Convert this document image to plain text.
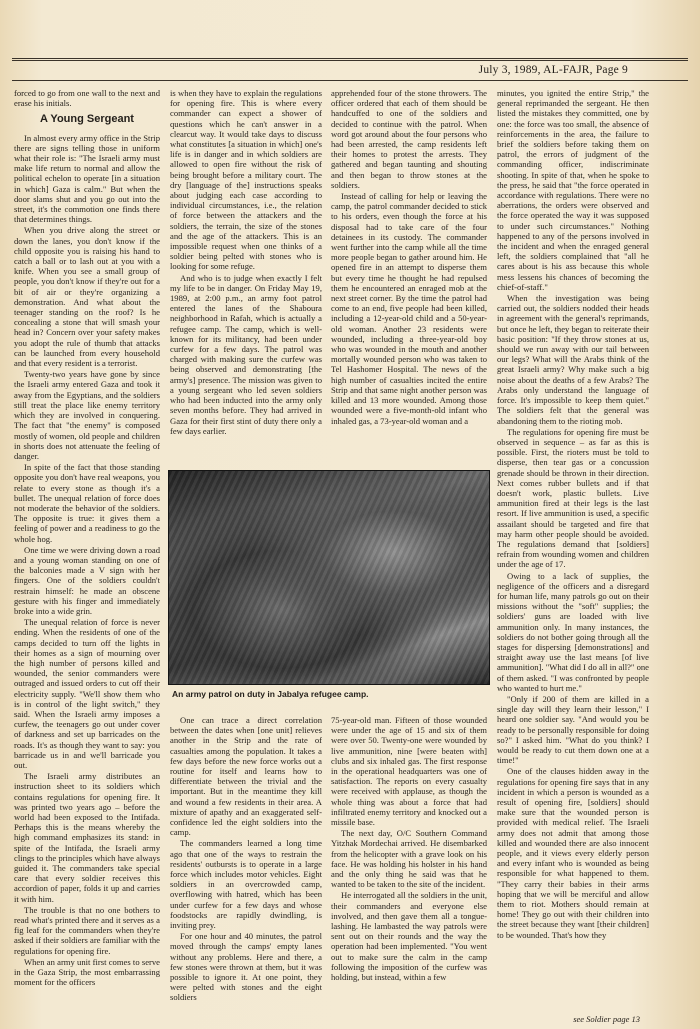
July 3, 1989, AL-FAJR, Page 9

forced to go from one wall to the next and erase his initials.

A Young Sergeant

In almost every army office in the Strip there are signs telling those in uniform what their role is: "The Israeli army must make life return to normal and allow the political echelon to operate [in a situation in which] Gaza is calm." But when the door slams shut and you go out into the street, it's the commotion one finds there that determines things.

When you drive along the street or down the lanes, you don't know if the child opposite you is raising his hand to catch a ball or to lash out at you with a knife. When you see a small group of people, you don't know if they're out for a bit of air or they're organizing a demonstration. And what about the teenager standing on the roof? Is he concealing a stone that will smash your head in? Concern over your safety makes you adopt the rule of thumb that attacks can be launched from every household and that every resident is a terrorist.

Twenty-two years have gone by since the Israeli army entered Gaza and took it away from the Egyptians, and the soldiers still treat the place like enemy territory which they are involved in conquering. The fact that "the enemy" is composed mostly of women, old people and children in shorts does not attenuate the feeling of danger.

In spite of the fact that those standing opposite you don't have real weapons, you relate to every stone as though it's a bullet. The unequal relation of force does not moderate the behavior of the soldiers. The opposite is true: it gives them a feeling of power and a readiness to go the whole hog.

One time we were driving down a road and a young woman standing on one of the balconies made a V sign with her fingers. One of the soldiers couldn't restrain himself: he made an obscene gesture with his finger and immediately broke into a wide grin.

The unequal relation of force is never ending. When the residents of one of the camps decided to turn off the lights in their homes as a sign of mourning over the high number of persons killed and wounded, the senior commanders were outraged and issued orders to cut off their electricity supply. "We'll show them who is in control of the light switch," they said. When the Israeli army imposes a curfew, the teenagers go out under cover of darkness and set up barricades on the roads. It's as though they want to say: you barricade us in and we'll barricade you out.

The Israeli army distributes an instruction sheet to its soldiers which contains regulations for opening fire. It was printed two years ago – before the world had been exposed to the Intifada. Perhaps this is the means whereby the high command emphasizes its stand: in spite of the Intifada, the Israeli army clings to the principles which have always guided it. The commanders take special care that every soldier receives this accordion of paper, folds it up and carries it with him.

The trouble is that no one bothers to read what's printed there and it serves as a fig leaf for the commanders when they're asked if their soldiers are familiar with the regulations for opening fire.

When an army unit first comes to serve in the Gaza Strip, the most embarrassing moment for the officers

is when they have to explain the regulations for opening fire. This is where every commander can expect a shower of questions which he can't answer in a clearcut way. It would take days to discuss what constitutes [a situation in which] one's life is in danger and in which soldiers are allowed to open fire without the risk of being brought before a military court. The dry [language of the] instructions speaks about judging each case according to individual circumstances, i.e., the relation of force between the attackers and the soldiers, the terrain, the size of the stones and the age of the attackers. This is an impossible request when one thinks of a soldier being pelted with stones who is looking for some refuge.

And who is to judge when exactly I felt my life to be in danger. On Friday May 19, 1989, at 2:00 p.m., an army foot patrol entered the lanes of the Shaboura neighborhood in Rafah, which is actually a refugee camp. The camp, which is well-known for its militancy, had been under curfew for a few days. The patrol was charged with making sure the curfew was being observed and demonstrating [the army's] presence. The mission was given to a young sergeant who led seven soldiers who had been inducted into the army only seven months before. They had arrived in Gaza for their first stint of duty there only a few days earlier.

apprehended four of the stone throwers. The officer ordered that each of them should be handcuffed to one of the soldiers and decided to continue with the patrol. When word got around about the four persons who had been arrested, the camp residents left their homes to protest the arrests. They gathered and began taunting and shouting and then began to throw stones at the soldiers.

Instead of calling for help or leaving the camp, the patrol commander decided to stick to his orders, even though the force at his disposal had to take care of the four detainees in its custody. The commander went further into the camp while all the time more people began to gather around him. He opened fire in an attempt to disperse them but every time he thought he had repulsed them he encountered an enraged mob at the next street corner. By the time the patrol had come to an end, five people had been killed, including a 12-year-old child and a 50-year-old woman. Another 23 residents were wounded, including a three-year-old boy who was wounded in the mouth and another mortally wounded person who was taken to Tel Hashomer Hospital. The news of the high number of casualties incited the entire Strip and that same night another person was killed and 13 more wounded. Among those wounded were a five-month-old infant who inhaled gas, a 73-year-old woman and a

An army patrol on duty in Jabalya refugee camp.

One can trace a direct correlation between the dates when [one unit] relieves another in the Strip and the rate of casualties among the population. It takes a few days before the new force works out a routine for itself and learns how to differentiate between the trivial and the important. But in the meantime they kill and wound a few residents in their area. A mixture of apathy and an exaggerated self-confidence led the eight soldiers into the camp.

The commanders learned a long time ago that one of the ways to restrain the residents' outbursts is to operate in a large force which includes motor vehicles. Eight soldiers in an overcrowded camp, overflowing with hatred, which has been under curfew for a few days and whose foodstocks are rapidly dwindling, is inviting prey.

For one hour and 40 minutes, the patrol moved through the camps' empty lanes without any problems. Here and there, a few stones were thrown at them, but it was possible to ignore it. At one point, they were pelted with stones and the eight soldiers

75-year-old man. Fifteen of those wounded were under the age of 15 and six of them were over 50. Twenty-one were wounded by live ammunition, nine [were beaten with] clubs and six inhaled gas. The first response in the operational headquarters was one of satisfaction. The reports on every casualty were received with applause, as though the whole thing was about a force that had infiltrated enemy territory and knocked out a missile base.

The next day, O/C Southern Command Yitzhak Mordechai arrived. He disembarked from the helicopter with a grave look on his face. He was holding his holster in his hand and the only thing he said was that he wanted to be taken to the site of the incident.

He interrogated all the soldiers in the unit, their commanders and everyone else involved, and then gave them all a tongue-lashing. He lambasted the way patrols were sent out on their rounds and the way the operation had been implemented. "You went out to make sure the calm in the camp following the imposition of the curfew was holding, but instead, within a few

minutes, you ignited the entire Strip," the general reprimanded the sergeant. He then listed the mistakes they committed, one by one: the force was too small, the absence of reinforcements in the area, the failure to brief the soldiers before taking them on patrol, the errors of judgment of the commanding officer, indiscriminate shooting. In spite of that, when he spoke to the press, he said that "the force operated in accordance with regulations. There were no aberrations, the orders were observed and the force operated the way it was supposed to under such circumstances." Nothing happened to any of the persons involved in the incident and when the enraged general left, the soldiers complained that "all he cares about is his ass because this whole mess lessens his chances of becoming the chief-of-staff."

When the investigation was being carried out, the soldiers nodded their heads in agreement with the general's reprimands, but once he left, they began to reiterate their basic position: "If they throw stones at us, should we run away with our tail between our legs? What will the Arabs think of the great Israeli army? Why make such a big noise about the deaths of a few Arabs? The Arabs only understand the language of force. It's impossible to keep them quiet." The soldiers felt that the general was abandoning them to the rioting mob.

The regulations for opening fire must be observed in sequence – as far as this is possible. First, the rioters must be told to disperse, then tear gas or a concussion grenade should be thrown in their direction. Next comes rubber bullets and if that doesn't work, plastic bullets. Live ammunition fired at their legs is the last resort. If live ammunition is used, a specific assailant should be targeted and fire that may harm other people should be avoided. The regulations demand that [soldiers] refrain from wounding women and children under the age of 17.

Owing to a lack of supplies, the negligence of the officers and a disregard for human life, many patrols go out on their missions without the "soft" supplies; the soldiers' guns are loaded with live ammunition only. In many instances, the soldiers do not bother going through all the stages for dispersing [demonstrations] and straight away use the last means [of live ammunition]. "What did I do all in all?" one of them asked. "I was confronted by people who wanted to hurt me."

"Only if 200 of them are killed in a single day will they learn their lesson," I heard one soldier say. "And would you be ready to be personally responsible for doing so?" I asked him. "What do you think? I would be ready to cut them down one at a time!"

One of the clauses hidden away in the regulations for opening fire says that in any incident in which a person is wounded as a result of opening fire, [soldiers] should make sure that the wounded person is provided with medical relief. The Israeli army does not admit that among those killed and wounded there are also innocent people, and it views every elderly person and every infant who is wounded as being responsible for what happened to them. "They carry their babies in their arms hoping that we will be merciful and allow them to riot. Mothers should remain at home! They go out with their children into the street because they want [their children] to be wounded. That's how they

see Soldier page 13
